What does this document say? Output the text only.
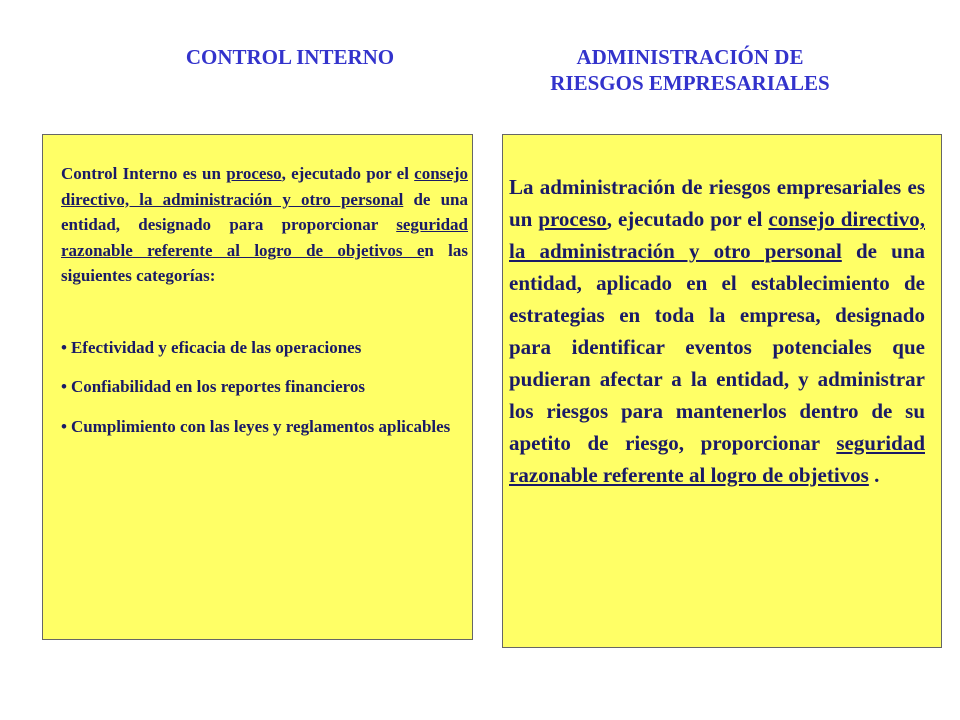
CONTROL INTERNO	ADMINISTRACIÓN DE
RIESGOS EMPRESARIALES

Control Interno es un proceso, ejecutado por el consejo directivo, la administración y otro personal de una entidad, designado para proporcionar seguridad razonable referente al logro de objetivos en las siguientes categorías:

• Efectividad y eficacia de las operaciones
• Confiabilidad en los reportes financieros
• Cumplimiento con las leyes y reglamentos aplicables

La administración de riesgos empresariales es un proceso, ejecutado por el consejo directivo, la administración y otro personal de una entidad, aplicado en el establecimiento de estrategias en toda la empresa, designado para identificar eventos potenciales que pudieran afectar a la entidad, y administrar los riesgos para mantenerlos dentro de su apetito de riesgo, proporcionar seguridad razonable referente al logro de objetivos .
